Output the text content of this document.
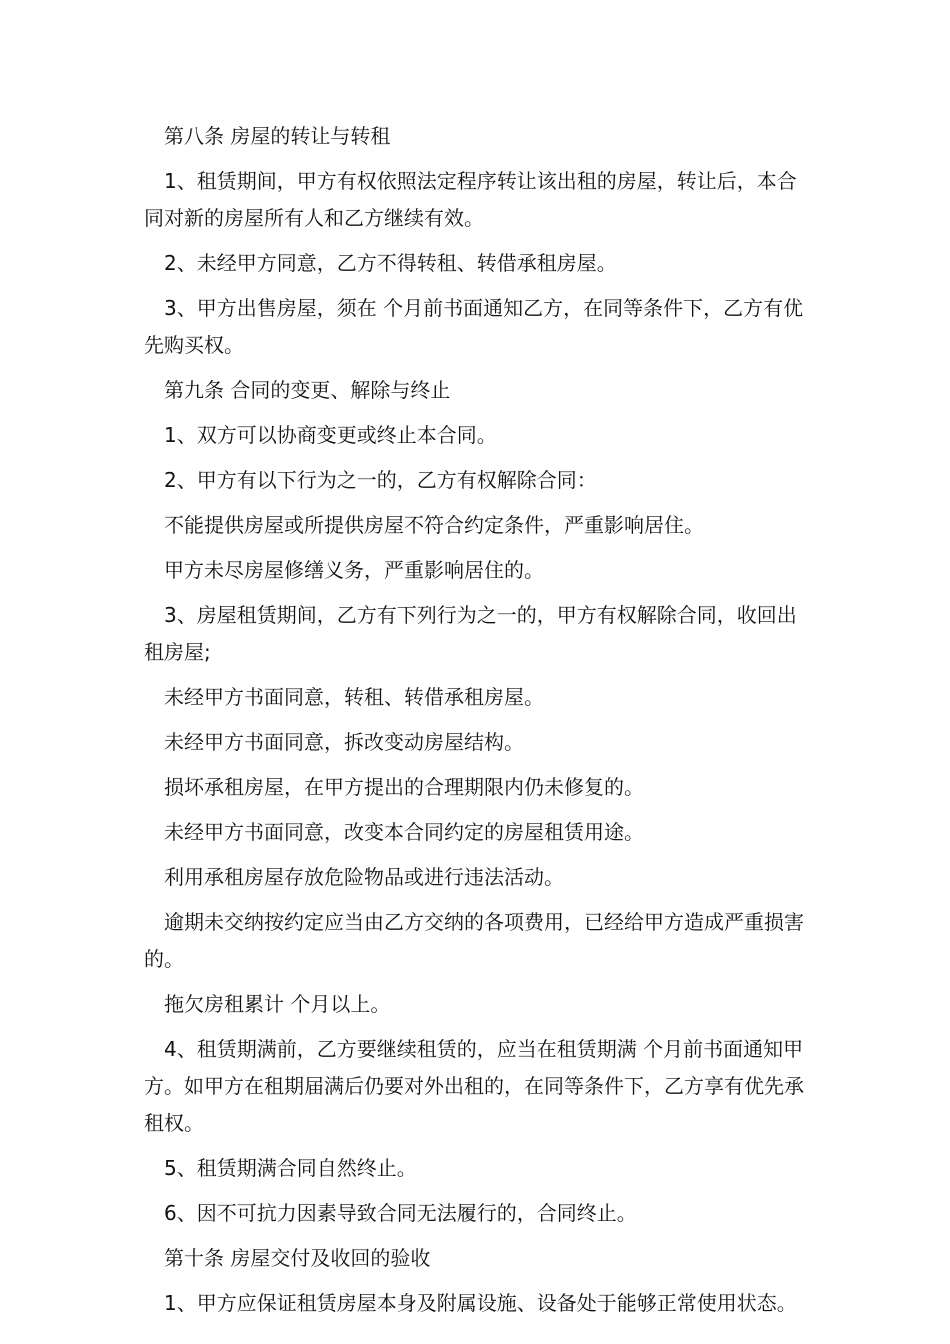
第八条 房屋的转让与转租

1、租赁期间，甲方有权依照法定程序转让该出租的房屋，转让后，本合同对新的房屋所有人和乙方继续有效。

2、未经甲方同意，乙方不得转租、转借承租房屋。

3、甲方出售房屋，须在 个月前书面通知乙方，在同等条件下，乙方有优先购买权。

第九条 合同的变更、解除与终止

1、双方可以协商变更或终止本合同。

2、甲方有以下行为之一的，乙方有权解除合同：

不能提供房屋或所提供房屋不符合约定条件，严重影响居住。

甲方未尽房屋修缮义务，严重影响居住的。

3、房屋租赁期间，乙方有下列行为之一的，甲方有权解除合同，收回出租房屋;

未经甲方书面同意，转租、转借承租房屋。

未经甲方书面同意，拆改变动房屋结构。

损坏承租房屋，在甲方提出的合理期限内仍未修复的。

未经甲方书面同意，改变本合同约定的房屋租赁用途。

利用承租房屋存放危险物品或进行违法活动。

逾期未交纳按约定应当由乙方交纳的各项费用，已经给甲方造成严重损害的。

拖欠房租累计 个月以上。

4、租赁期满前，乙方要继续租赁的，应当在租赁期满 个月前书面通知甲方。如甲方在租期届满后仍要对外出租的，在同等条件下，乙方享有优先承租权。

5、租赁期满合同自然终止。

6、因不可抗力因素导致合同无法履行的，合同终止。

第十条 房屋交付及收回的验收

1、甲方应保证租赁房屋本身及附属设施、设备处于能够正常使用状态。
